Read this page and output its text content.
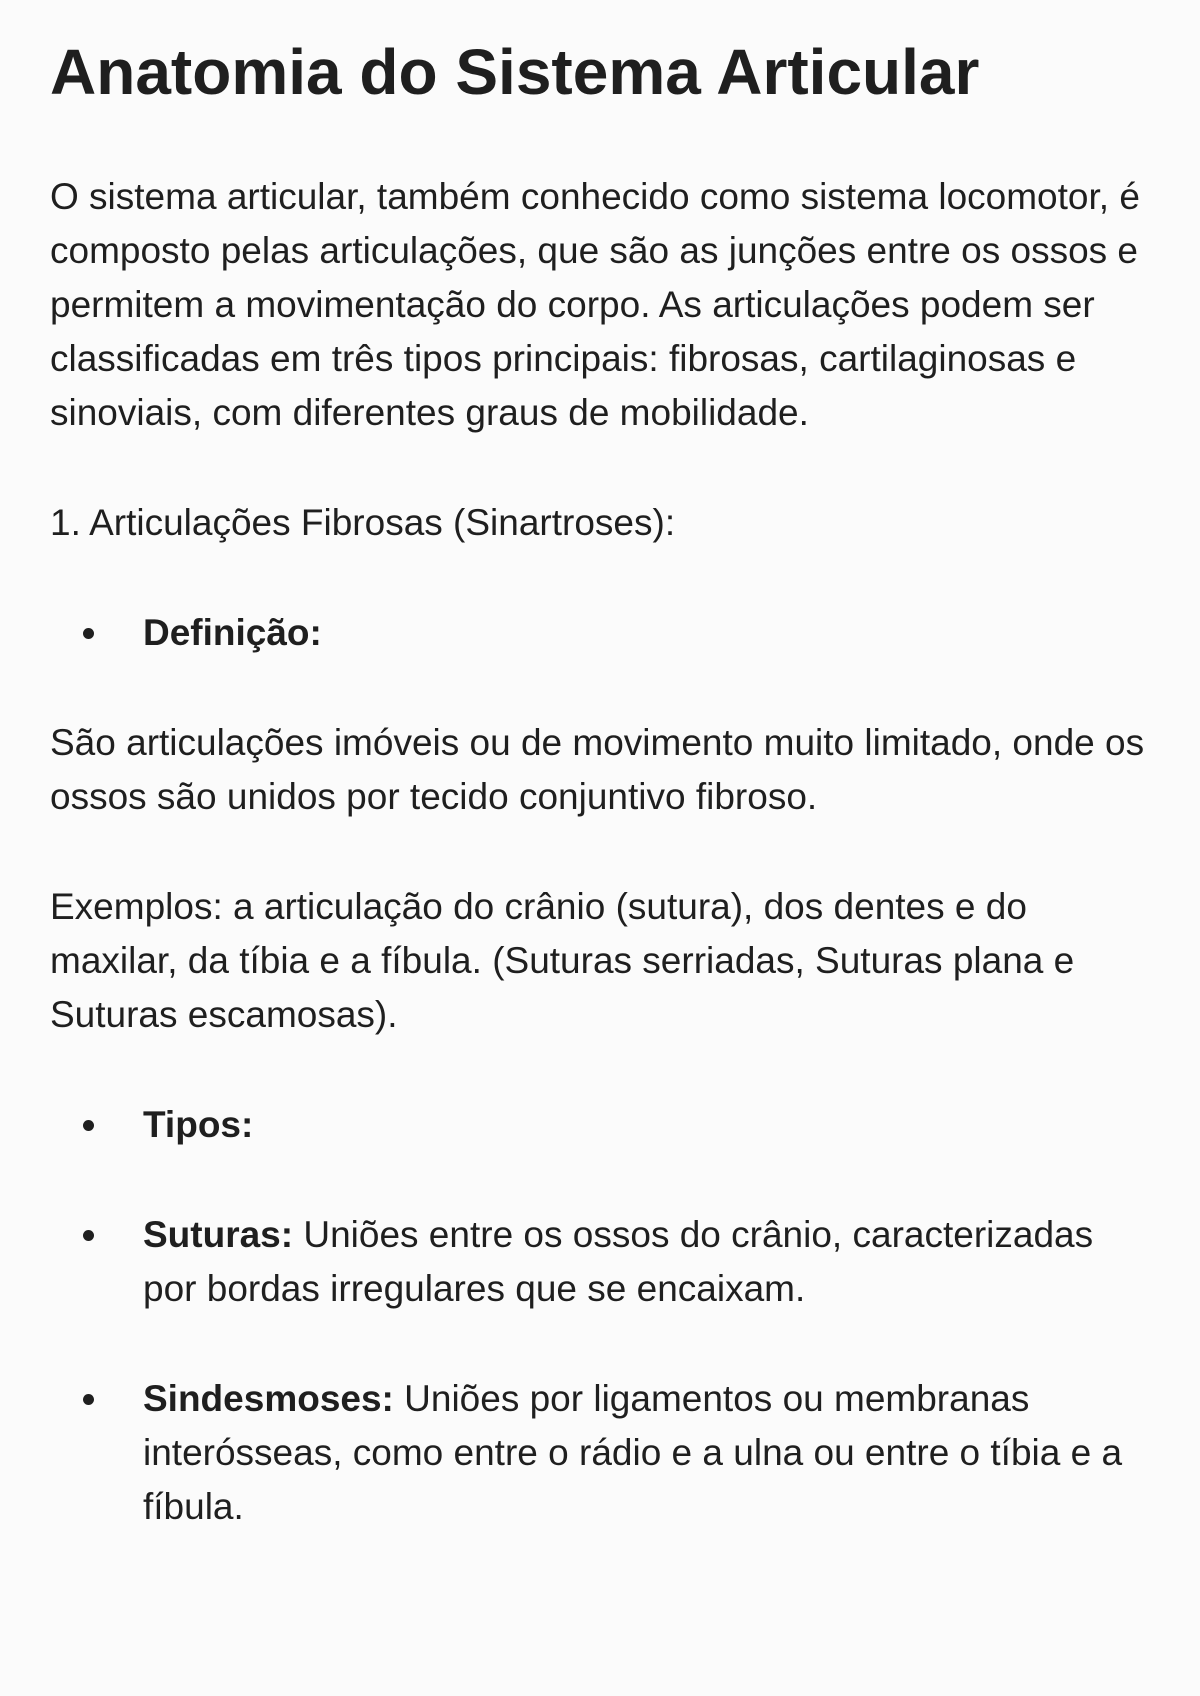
Anatomia do Sistema Articular

O sistema articular, também conhecido como sistema locomotor, é composto pelas articulações, que são as junções entre os ossos e permitem a movimentação do corpo. As articulações podem ser classificadas em três tipos principais: fibrosas, cartilaginosas e sinoviais, com diferentes graus de mobilidade.

1. Articulações Fibrosas (Sinartroses):

Definição:

São articulações imóveis ou de movimento muito limitado, onde os ossos são unidos por tecido conjuntivo fibroso.

Exemplos: a articulação do crânio (sutura), dos dentes e do maxilar, da tíbia e a fíbula. (Suturas serriadas, Suturas plana e Suturas escamosas).

Tipos:
Suturas: Uniões entre os ossos do crânio, caracterizadas por bordas irregulares que se encaixam.
Sindesmoses: Uniões por ligamentos ou membranas interósseas, como entre o rádio e a ulna ou entre o tíbia e a fíbula.
